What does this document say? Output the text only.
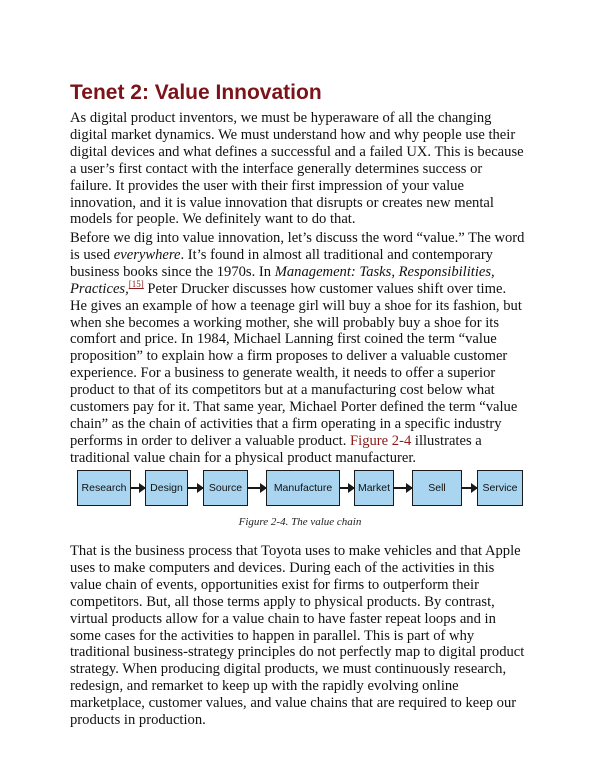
Tenet 2: Value Innovation

As digital product inventors, we must be hyperaware of all the changing digital market dynamics. We must understand how and why people use their digital devices and what defines a successful and a failed UX. This is because a user’s first contact with the interface generally determines success or failure. It provides the user with their first impression of your value innovation, and it is value innovation that disrupts or creates new mental models for people. We definitely want to do that.

Before we dig into value innovation, let’s discuss the word “value.” The word is used everywhere. It’s found in almost all traditional and contemporary business books since the 1970s. In Management: Tasks, Responsibilities, Practices,[15] Peter Drucker discusses how customer values shift over time. He gives an example of how a teenage girl will buy a shoe for its fashion, but when she becomes a working mother, she will probably buy a shoe for its comfort and price. In 1984, Michael Lanning first coined the term “value proposition” to explain how a firm proposes to deliver a valuable customer experience. For a business to generate wealth, it needs to offer a superior product to that of its competitors but at a manufacturing cost below what customers pay for it. That same year, Michael Porter defined the term “value chain” as the chain of activities that a firm operating in a specific industry performs in order to deliver a valuable product. Figure 2-4 illustrates a traditional value chain for a physical product manufacturer.

Research	Design	Source	Manufacture	Market	Sell	Service

Figure 2-4. The value chain

That is the business process that Toyota uses to make vehicles and that Apple uses to make computers and devices. During each of the activities in this value chain of events, opportunities exist for firms to outperform their competitors. But, all those terms apply to physical products. By contrast, virtual products allow for a value chain to have faster repeat loops and in some cases for the activities to happen in parallel. This is part of why traditional business-strategy principles do not perfectly map to digital product strategy. When producing digital products, we must continuously research, redesign, and remarket to keep up with the rapidly evolving online marketplace, customer values, and value chains that are required to keep our products in production.
